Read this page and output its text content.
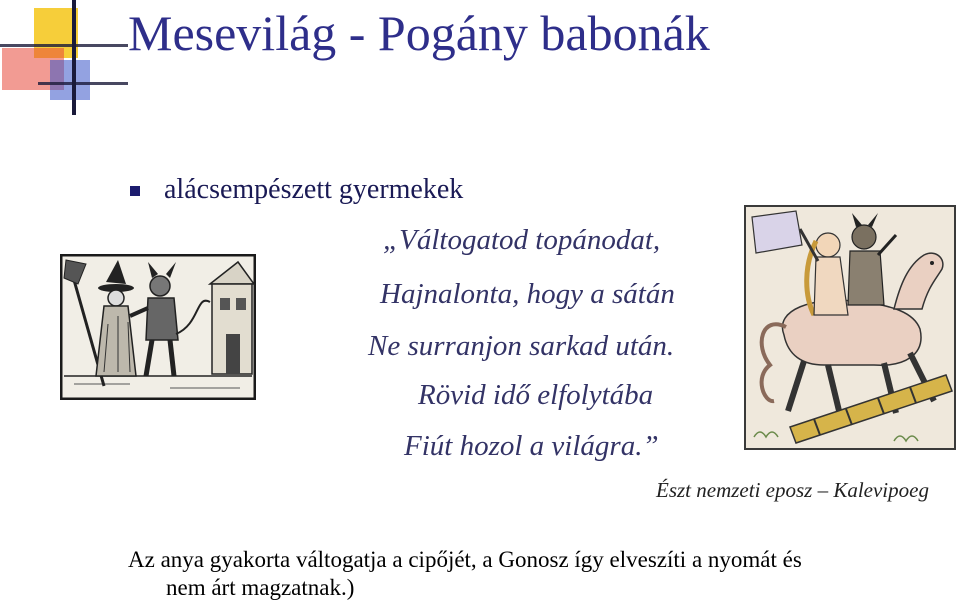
Mesevilág - Pogány babonák
alácsempészett gyermekek
„Váltogatod topánodat,
Hajnalonta, hogy a sátán
Ne surranjon sarkad után.
Rövid idő elfolytába
Fiút hozol a világra.”
Észt nemzeti eposz – Kalevipoeg
Az anya gyakorta váltogatja a cipőjét, a Gonosz így elveszíti a nyomát és
nem árt magzatnak.)
